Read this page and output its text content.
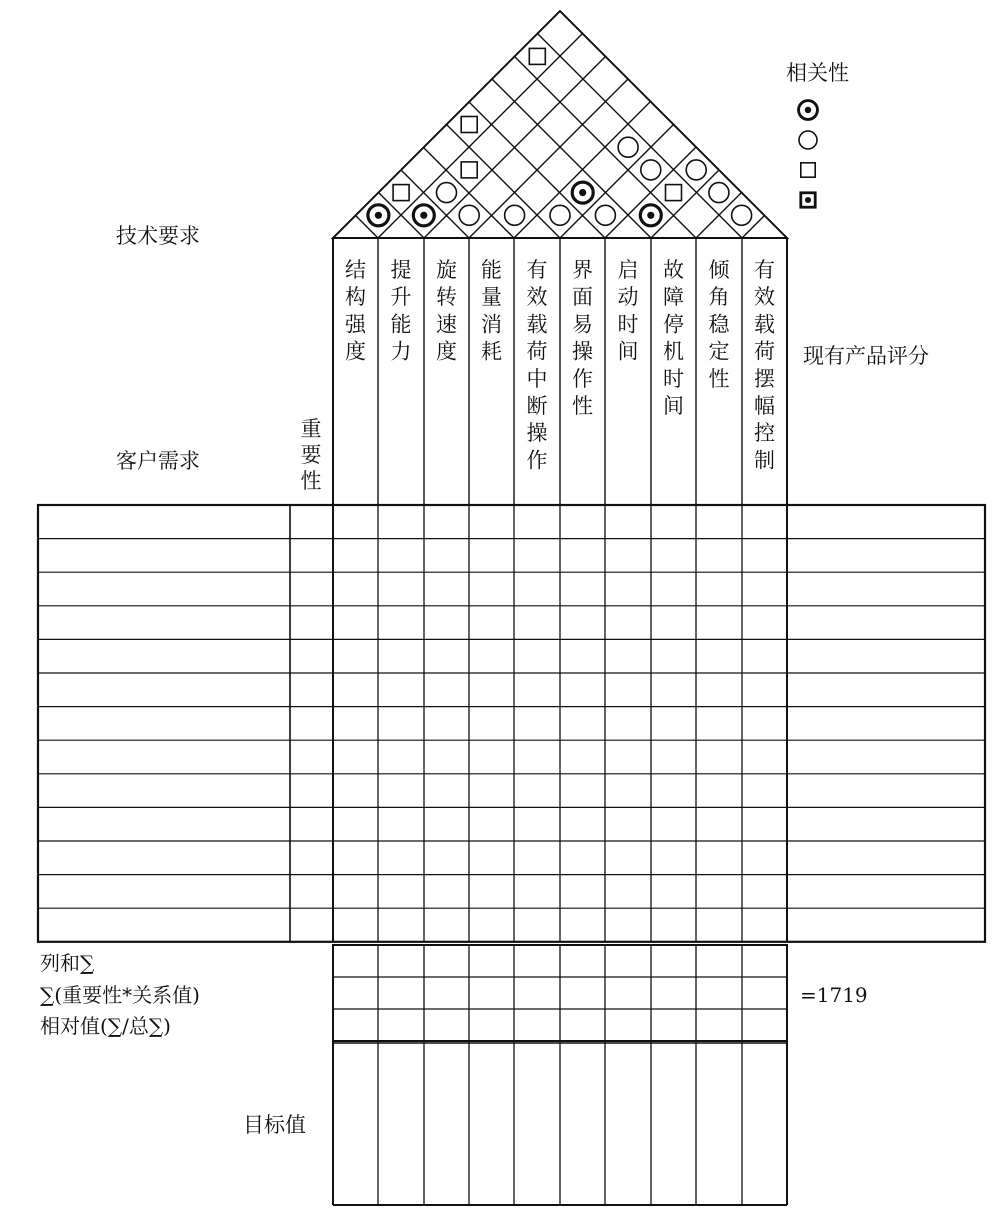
结
构
强
度
提
升
能
力
旋
转
速
度
能
量
消
耗
有
效
载
荷
中
断
操
作
界
面
易
操
作
性
启
动
时
间
故
障
停
机
时
间
倾
角
稳
定
性
有
效
载
荷
摆
幅
控
制
重
要
性
技术要求
客户需求
列和∑
∑(重要性*关系值)
相对值(∑/总∑)
目标值
=1719
现有产品评分
相关性
